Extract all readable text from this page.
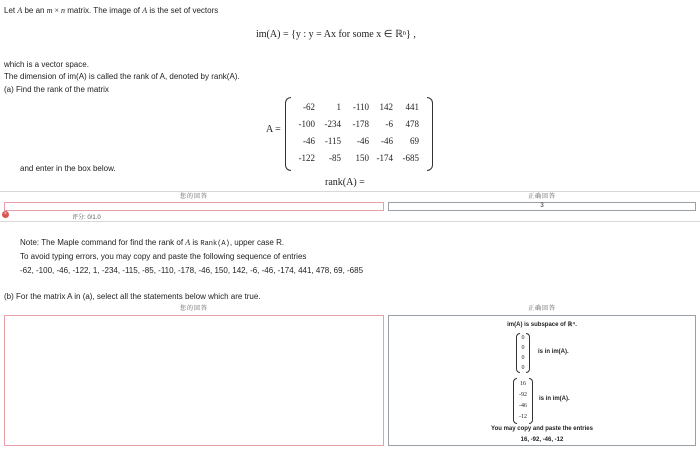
Let A be an m × n matrix. The image of A is the set of vectors
im(A) = {y : y = Ax for some x ∈ ℝⁿ} ,
which is a vector space.
The dimension of im(A) is called the rank of A, denoted by rank(A).
(a) Find the rank of the matrix
A =
-62	1	-110	142	441
-100	-234	-178	-6	478
-46	-115	-46	-46	69
-122	-85	150 -174	-685
and enter in the box below.
rank(A) =
您的回答	正确回答
3
×
评分: 0/1.0
Note: The Maple command for find the rank of A is Rank(A), upper case R.
To avoid typing errors, you may copy and paste the following sequence of entries
-62, -100, -46, -122, 1, -234, -115, -85, -110, -178, -46, 150, 142, -6, -46, -174, 441, 478, 69, -685
(b) For the matrix A in (a), select all the statements below which are true.
您的回答	正确回答
im(A) is subspace of ℝ⁴.
0
0
0
0
is in im(A).
16
-92
-46
-12
is in im(A).
You may copy and paste the entries
16, -92, -46, -12
